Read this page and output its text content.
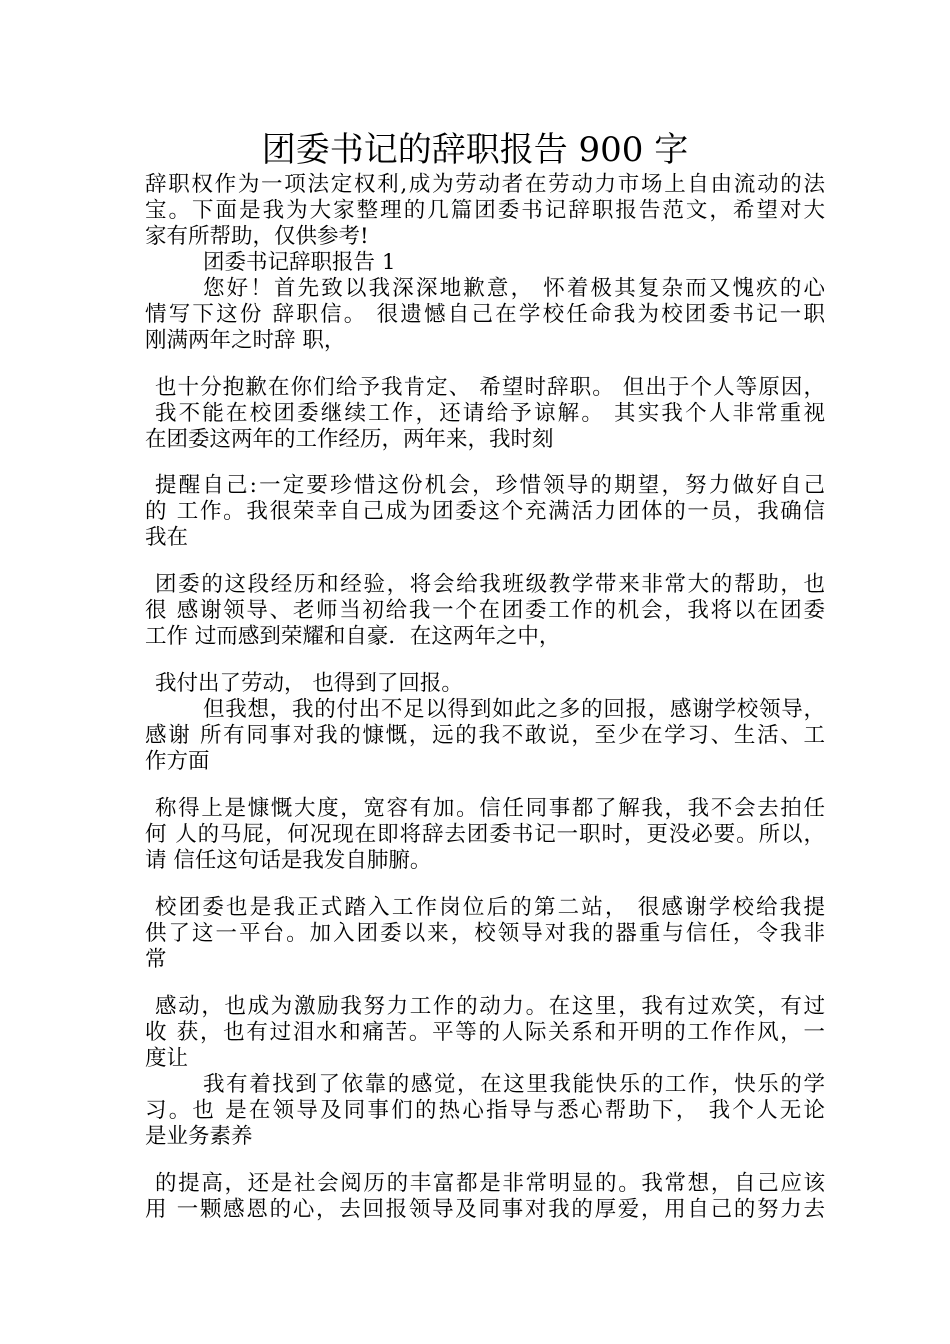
团委书记的辞职报告 900 字
辞职权作为一项法定权利,成为劳动者在劳动力市场上自由流动的法
宝。下面是我为大家整理的几篇团委书记辞职报告范文，希望对大
家有所帮助，仅供参考!
团委书记辞职报告 1
您好！首先致以我深深地歉意， 怀着极其复杂而又愧疚的心
情写下这份 辞职信。 很遗憾自己在学校任命我为校团委书记一职
刚满两年之时辞 职，
也十分抱歉在你们给予我肯定、 希望时辞职。 但出于个人等原因，
我不能在校团委继续工作，还请给予谅解。 其实我个人非常重视
在团委这两年的工作经历，两年来，我时刻
提醒自己:一定要珍惜这份机会，珍惜领导的期望，努力做好自己
的 工作。我很荣幸自己成为团委这个充满活力团体的一员，我确信
我在
团委的这段经历和经验，将会给我班级教学带来非常大的帮助，也
很 感谢领导、老师当初给我一个在团委工作的机会，我将以在团委
工作 过而感到荣耀和自豪．在这两年之中，
我付出了劳动， 也得到了回报。
但我想，我的付出不足以得到如此之多的回报，感谢学校领导，
感谢 所有同事对我的慷慨，远的我不敢说，至少在学习、生活、工
作方面
称得上是慷慨大度，宽容有加。信任同事都了解我，我不会去拍任
何 人的马屁，何况现在即将辞去团委书记一职时，更没必要。所以，
请 信任这句话是我发自肺腑。
校团委也是我正式踏入工作岗位后的第二站， 很感谢学校给我提
供了这一平台。加入团委以来，校领导对我的器重与信任，令我非
常
感动，也成为激励我努力工作的动力。在这里，我有过欢笑，有过
收 获，也有过泪水和痛苦。平等的人际关系和开明的工作作风，一
度让
我有着找到了依靠的感觉，在这里我能快乐的工作，快乐的学
习。也 是在领导及同事们的热心指导与悉心帮助下， 我个人无论
是业务素养
的提高，还是社会阅历的丰富都是非常明显的。我常想，自己应该
用 一颗感恩的心，去回报领导及同事对我的厚爱，用自己的努力去
